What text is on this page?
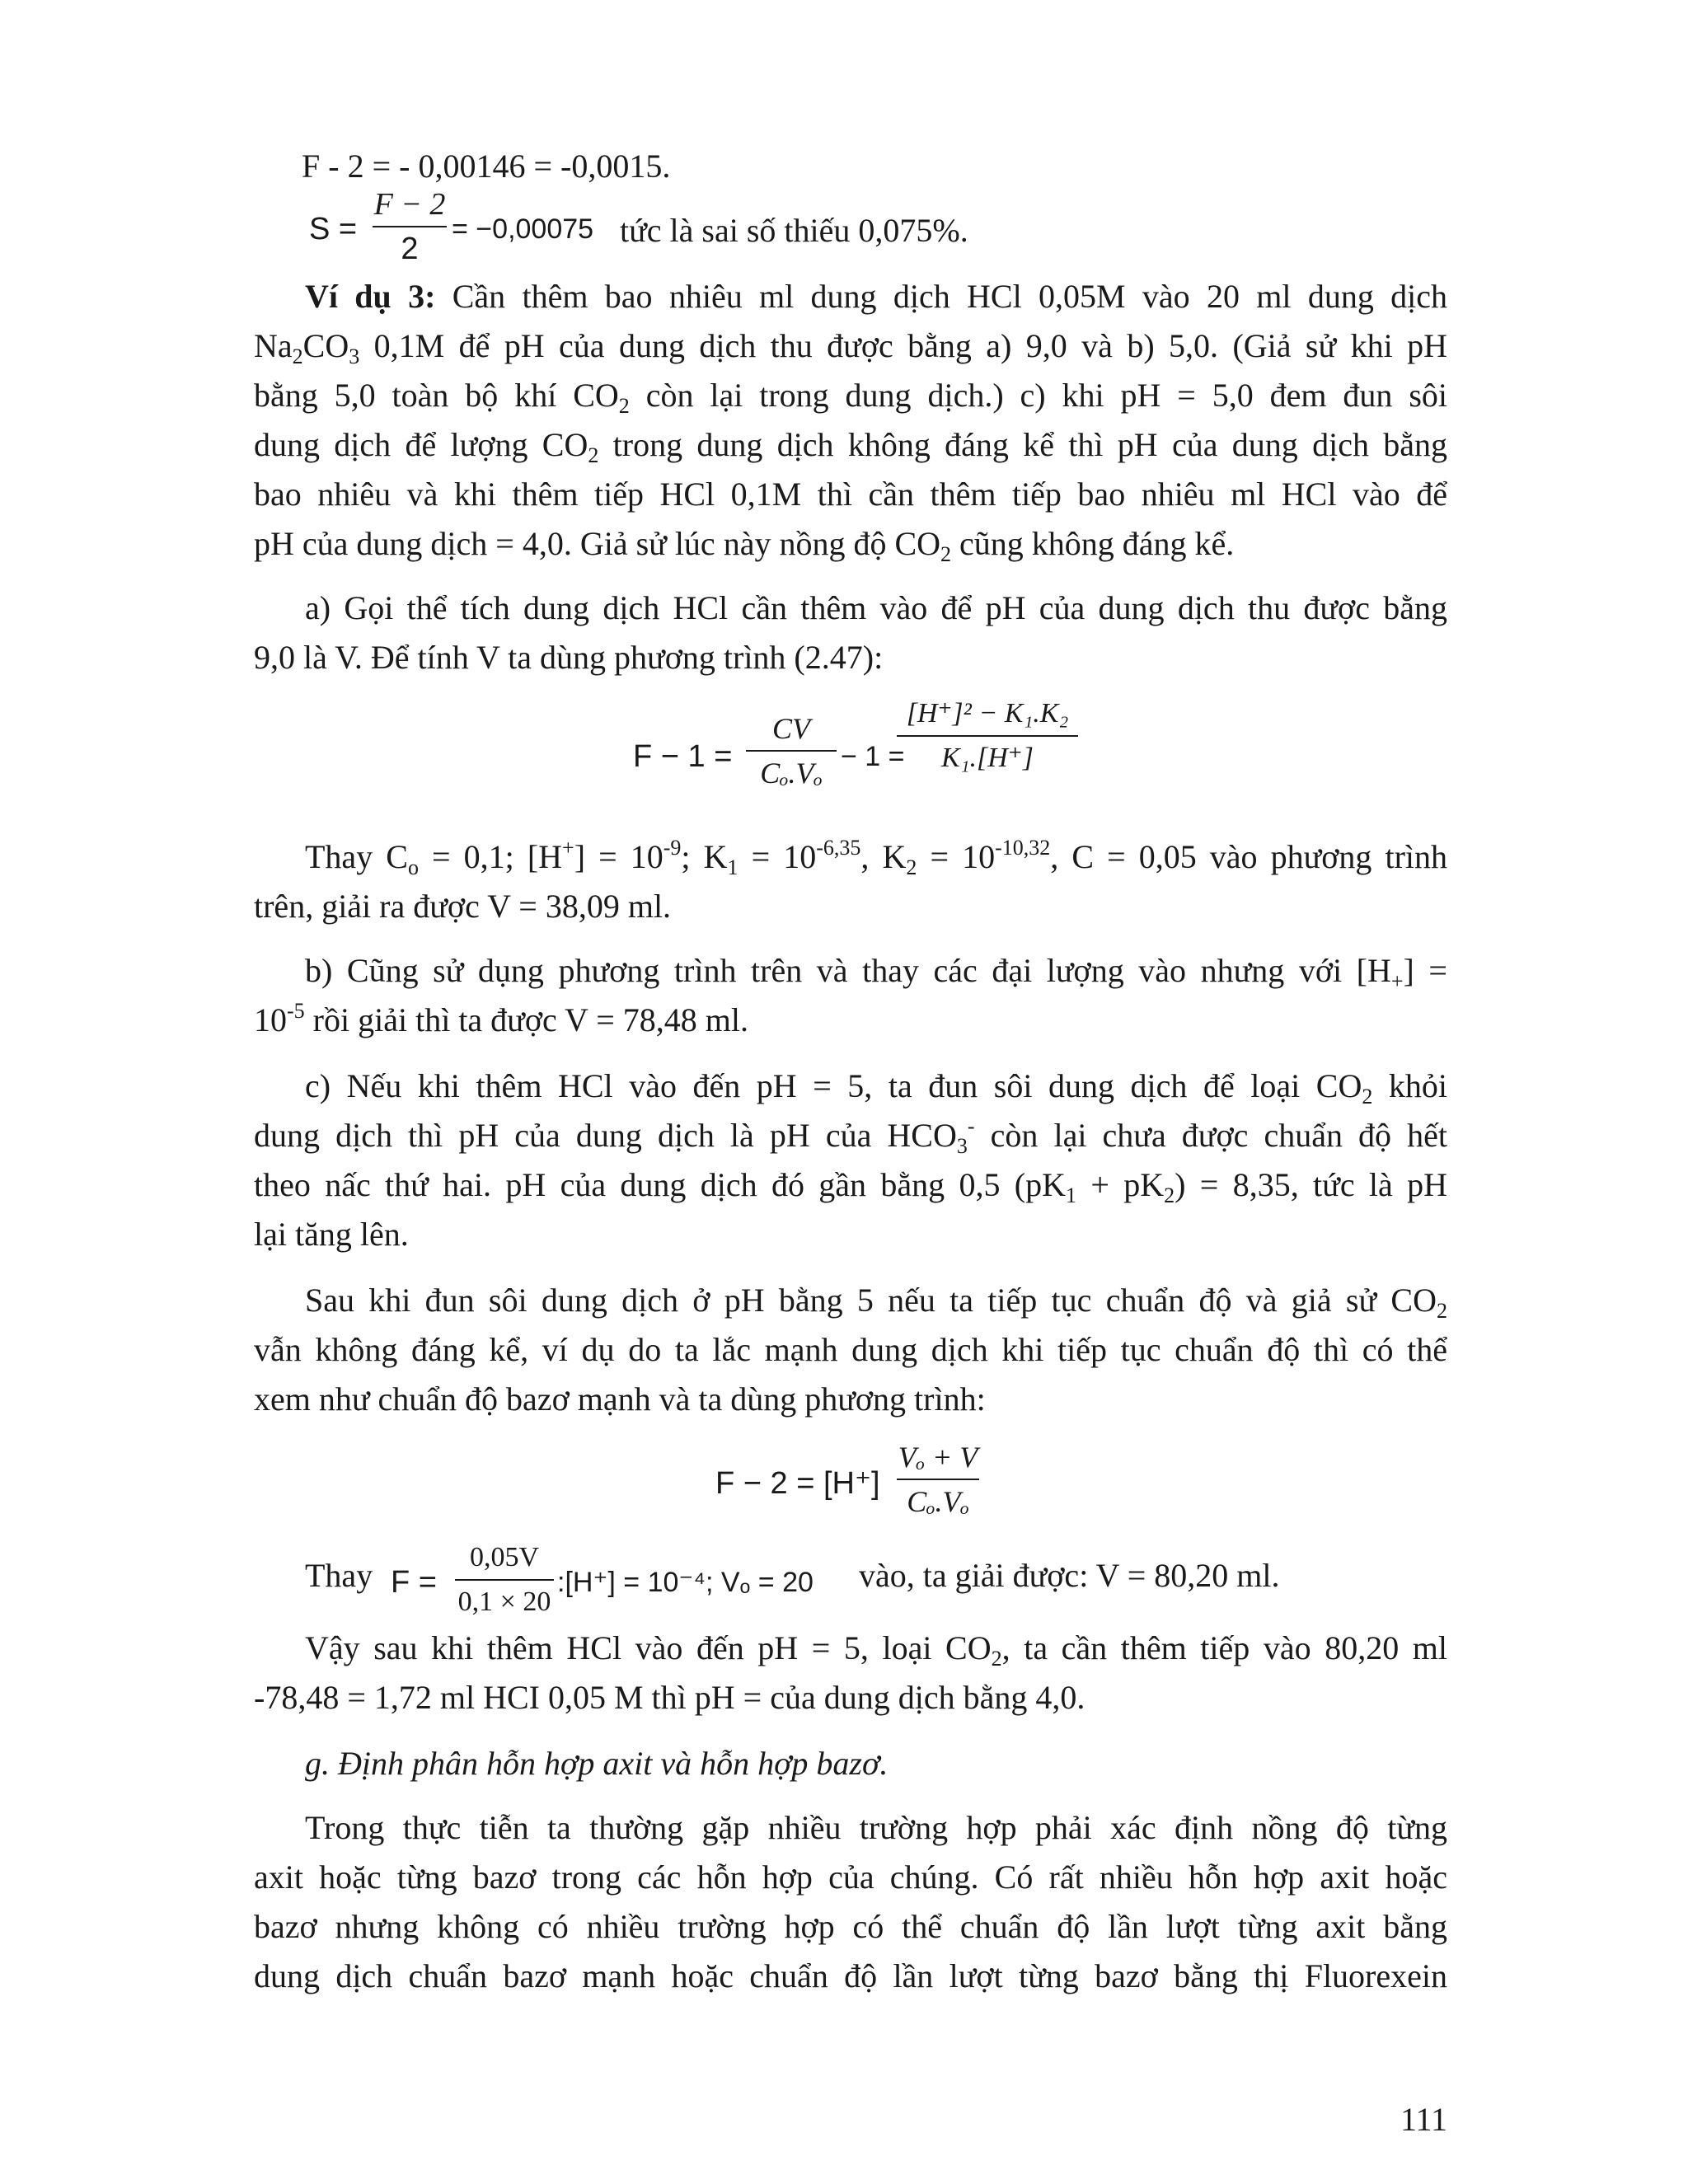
F - 2 = - 0,00146 = -0,0015.
S =
F − 2
2
= −0,00075 tức là sai số thiếu 0,075%.
Ví dụ 3: Cần thêm bao nhiêu ml dung dịch HCl 0,05M vào 20 ml dung dịch
$Na_2CO_3$ 0,1M để pH của dung dịch thu được bằng a) 9,0 và b) 5,0. (Giả sử khi pH
bằng 5,0 toàn bộ khí $CO_2$ còn lại trong dung dịch.) c) khi pH = 5,0 đem đun sôi
dung dịch để lượng $CO_2$ trong dung dịch không đáng kể thì pH của dung dịch bằng
bao nhiêu và khi thêm tiếp HCl 0,1M thì cần thêm tiếp bao nhiêu ml HCl vào để
pH của dung dịch = 4,0. Giả sử lúc này nồng độ $CO_2$ cũng không đáng kể.
a) Gọi thể tích dung dịch HCl cần thêm vào để pH của dung dịch thu được bằng
9,0 là V. Để tính V ta dùng phương trình (2.47):
F − 1 =
CV
Cₒ.Vₒ − 1 =
[H⁺]² − K₁.K₂
K₁.[H⁺]
Thay $C_o = 0,1$; $[H^+] = 10^{-9}$; $K_1 = 10^{-6,35}$, $K_2 = 10^{-10,32}$, C = 0,05 vào phương trình
trên, giải ra được V = 38,09 ml.
b) Cũng sử dụng phương trình trên và thay các đại lượng vào nhưng với $[H_+]$ =
$10^{-5}$ rồi giải thì ta được V = 78,48 ml.
c) Nếu khi thêm HCl vào đến pH = 5, ta đun sôi dung dịch để loại $CO_2$ khỏi
dung dịch thì pH của dung dịch là pH của $HCO_3^-$ còn lại chưa được chuẩn độ hết
theo nấc thứ hai. pH của dung dịch đó gần bằng 0,5 $(pK_1 + pK_2) = 8,35$, tức là pH
lại tăng lên.
Sau khi đun sôi dung dịch ở pH bằng 5 nếu ta tiếp tục chuẩn độ và giả sử $CO_2$
vẫn không đáng kể, ví dụ do ta lắc mạnh dung dịch khi tiếp tục chuẩn độ thì có thể
xem như chuẩn độ bazơ mạnh và ta dùng phương trình:
F − 2 = [H⁺]
Vₒ + V
Cₒ.Vₒ
Thay F =
0,05V
0,1 × 20
:[H⁺] = 10⁻⁴; Vₒ = 20 vào, ta giải được: V = 80,20 ml.
Vậy sau khi thêm HCl vào đến pH = 5, loại $CO_2$, ta cần thêm tiếp vào 80,20 ml
-78,48 = 1,72 ml HCI 0,05 M thì pH = của dung dịch bằng 4,0.
g. Định phân hỗn hợp axit và hỗn hợp bazơ.
Trong thực tiễn ta thường gặp nhiều trường hợp phải xác định nồng độ từng
axit hoặc từng bazơ trong các hỗn hợp của chúng. Có rất nhiều hỗn hợp axit hoặc
bazơ nhưng không có nhiều trường hợp có thể chuẩn độ lần lượt từng axit bằng
dung dịch chuẩn bazơ mạnh hoặc chuẩn độ lần lượt từng bazơ bằng thị Fluorexein
111
